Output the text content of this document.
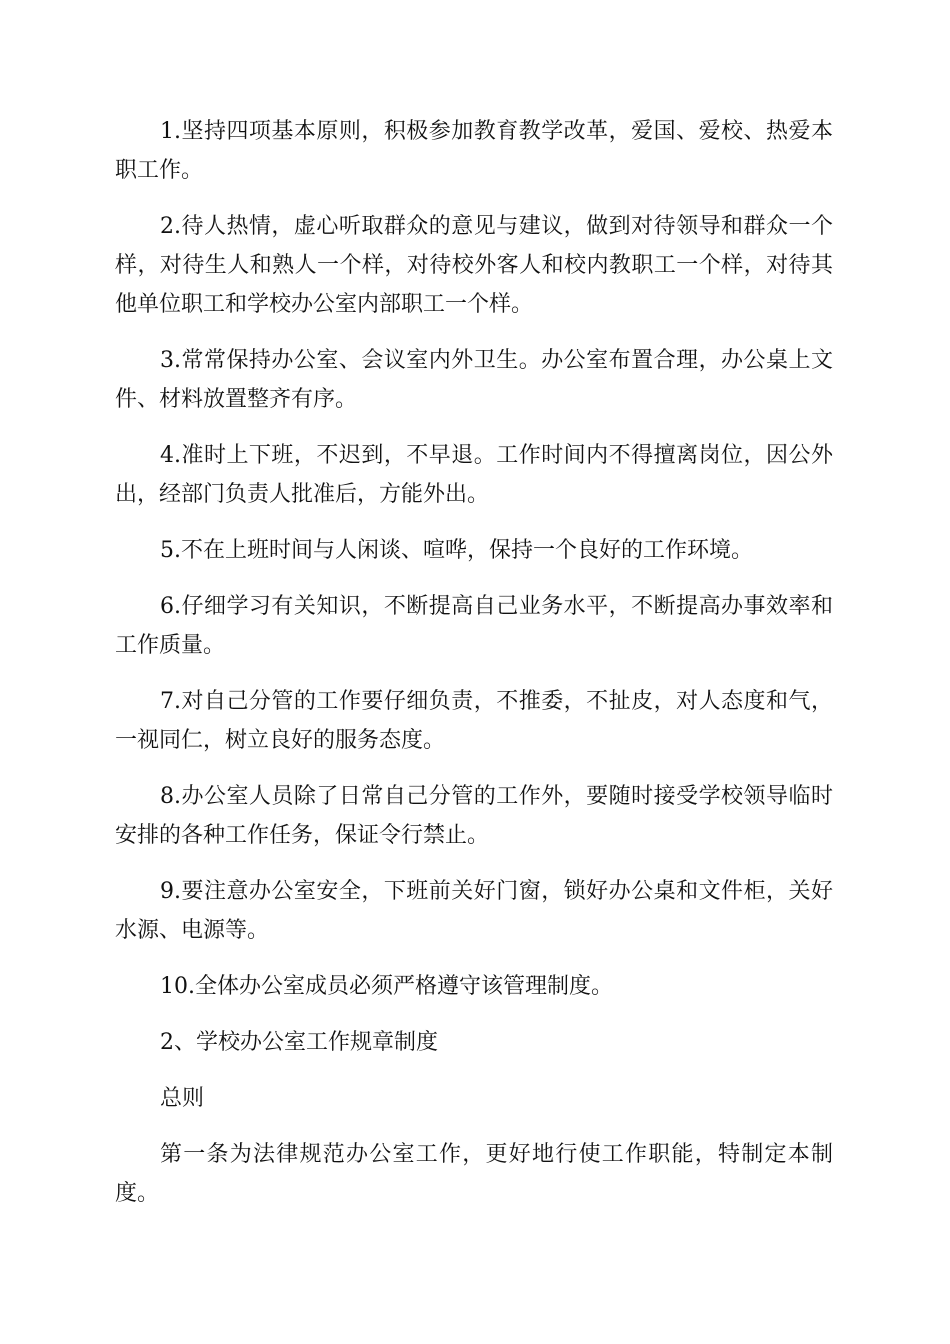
1.坚持四项基本原则，积极参加教育教学改革，爱国、爱校、热爱本职工作。

2.待人热情，虚心听取群众的意见与建议，做到对待领导和群众一个样，对待生人和熟人一个样，对待校外客人和校内教职工一个样，对待其他单位职工和学校办公室内部职工一个样。

3.常常保持办公室、会议室内外卫生。办公室布置合理，办公桌上文件、材料放置整齐有序。

4.准时上下班，不迟到，不早退。工作时间内不得擅离岗位，因公外出，经部门负责人批准后，方能外出。

5.不在上班时间与人闲谈、喧哗，保持一个良好的工作环境。

6.仔细学习有关知识，不断提高自己业务水平，不断提高办事效率和工作质量。

7.对自己分管的工作要仔细负责，不推委，不扯皮，对人态度和气，一视同仁，树立良好的服务态度。

8.办公室人员除了日常自己分管的工作外，要随时接受学校领导临时安排的各种工作任务，保证令行禁止。

9.要注意办公室安全，下班前关好门窗，锁好办公桌和文件柜，关好水源、电源等。

10.全体办公室成员必须严格遵守该管理制度。

2、学校办公室工作规章制度

总则

第一条为法律规范办公室工作，更好地行使工作职能，特制定本制度。
